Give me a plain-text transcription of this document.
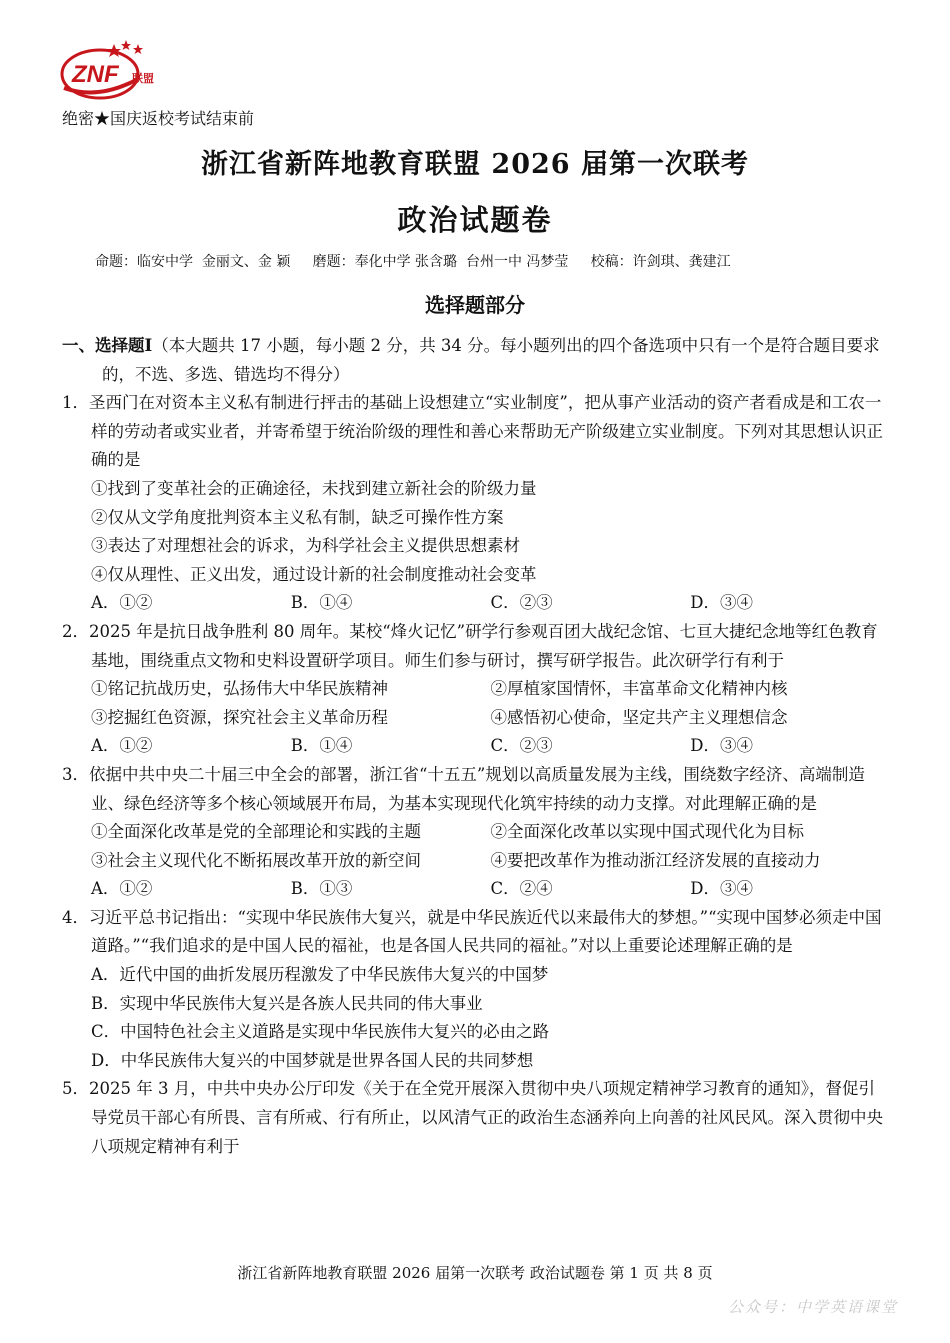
ZNF 联盟
绝密★国庆返校考试结束前
浙江省新阵地教育联盟 2026 届第一次联考
政治试题卷
命题：临安中学  金丽文、金 颖     磨题：奉化中学 张含璐  台州一中 冯梦莹     校稿：许剑琪、龚建江
选择题部分

一、选择题Ⅰ（本大题共 17 小题，每小题 2 分，共 34 分。每小题列出的四个备选项中只有一个是符合题目要求的，不选、多选、错选均不得分）

1．圣西门在对资本主义私有制进行抨击的基础上设想建立“实业制度”，把从事产业活动的资产者看成是和工农一样的劳动者或实业者，并寄希望于统治阶级的理性和善心来帮助无产阶级建立实业制度。下列对其思想认识正确的是

①找到了变革社会的正确途径，未找到建立新社会的阶级力量

②仅从文学角度批判资本主义私有制，缺乏可操作性方案

③表达了对理想社会的诉求，为科学社会主义提供思想素材

④仅从理性、正义出发，通过设计新的社会制度推动社会变革

A．①②	B．①④	C．②③	D．③④

2．2025 年是抗日战争胜利 80 周年。某校“烽火记忆”研学行参观百团大战纪念馆、七亘大捷纪念地等红色教育基地，围绕重点文物和史料设置研学项目。师生们参与研讨，撰写研学报告。此次研学行有利于

①铭记抗战历史，弘扬伟大中华民族精神	②厚植家国情怀，丰富革命文化精神内核
③挖掘红色资源，探究社会主义革命历程	④感悟初心使命，坚定共产主义理想信念
A．①②	B．①④	C．②③	D．③④

3．依据中共中央二十届三中全会的部署，浙江省“十五五”规划以高质量发展为主线，围绕数字经济、高端制造业、绿色经济等多个核心领域展开布局，为基本实现现代化筑牢持续的动力支撑。对此理解正确的是

①全面深化改革是党的全部理论和实践的主题	②全面深化改革以实现中国式现代化为目标
③社会主义现代化不断拓展改革开放的新空间	④要把改革作为推动浙江经济发展的直接动力
A．①②	B．①③	C．②④	D．③④

4．习近平总书记指出：“实现中华民族伟大复兴，就是中华民族近代以来最伟大的梦想。”“实现中国梦必须走中国道路。”“我们追求的是中国人民的福祉，也是各国人民共同的福祉。”对以上重要论述理解正确的是

A．近代中国的曲折发展历程激发了中华民族伟大复兴的中国梦

B．实现中华民族伟大复兴是各族人民共同的伟大事业

C．中国特色社会主义道路是实现中华民族伟大复兴的必由之路

D．中华民族伟大复兴的中国梦就是世界各国人民的共同梦想

5．2025 年 3 月，中共中央办公厅印发《关于在全党开展深入贯彻中央八项规定精神学习教育的通知》，督促引导党员干部心有所畏、言有所戒、行有所止，以风清气正的政治生态涵养向上向善的社风民风。深入贯彻中央八项规定精神有利于

浙江省新阵地教育联盟 2026 届第一次联考 政治试题卷 第 1 页 共 8 页
公众号：中学英语课堂
